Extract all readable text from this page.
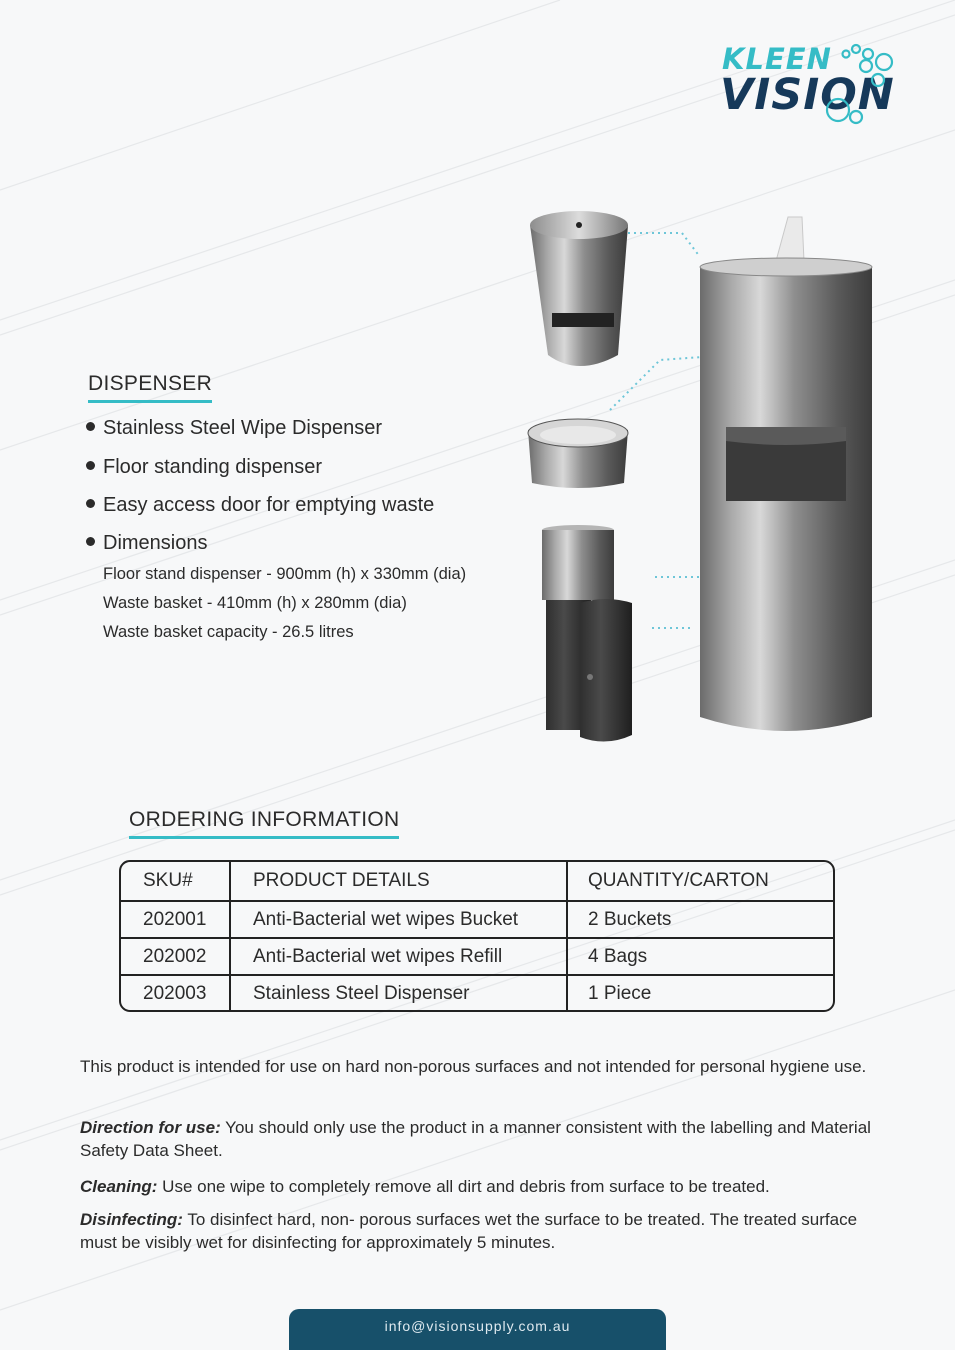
KLEEN
VISION
DISPENSER
Stainless Steel Wipe Dispenser
Floor standing dispenser
Easy access door for emptying waste
Dimensions
Floor stand dispenser - 900mm (h) x 330mm (dia)
Waste basket - 410mm (h) x 280mm (dia)
Waste basket capacity - 26.5 litres
ORDERING INFORMATION
SKU#	PRODUCT DETAILS	QUANTITY/CARTON
202001	Anti-Bacterial wet wipes Bucket	2 Buckets
202002	Anti-Bacterial wet wipes Refill	4 Bags
202003	Stainless Steel Dispenser	1 Piece

This product is intended for use on hard non-porous surfaces and not intended for personal hygiene use.

Direction for use: You should only use the product in a manner consistent with the labelling and Material Safety Data Sheet.

Cleaning: Use one wipe to completely remove all dirt and debris from surface to be treated.

Disinfecting: To disinfect hard, non- porous surfaces wet the surface to be treated. The treated surface must be visibly wet for disinfecting for approximately 5 minutes.

info@visionsupply.com.au
